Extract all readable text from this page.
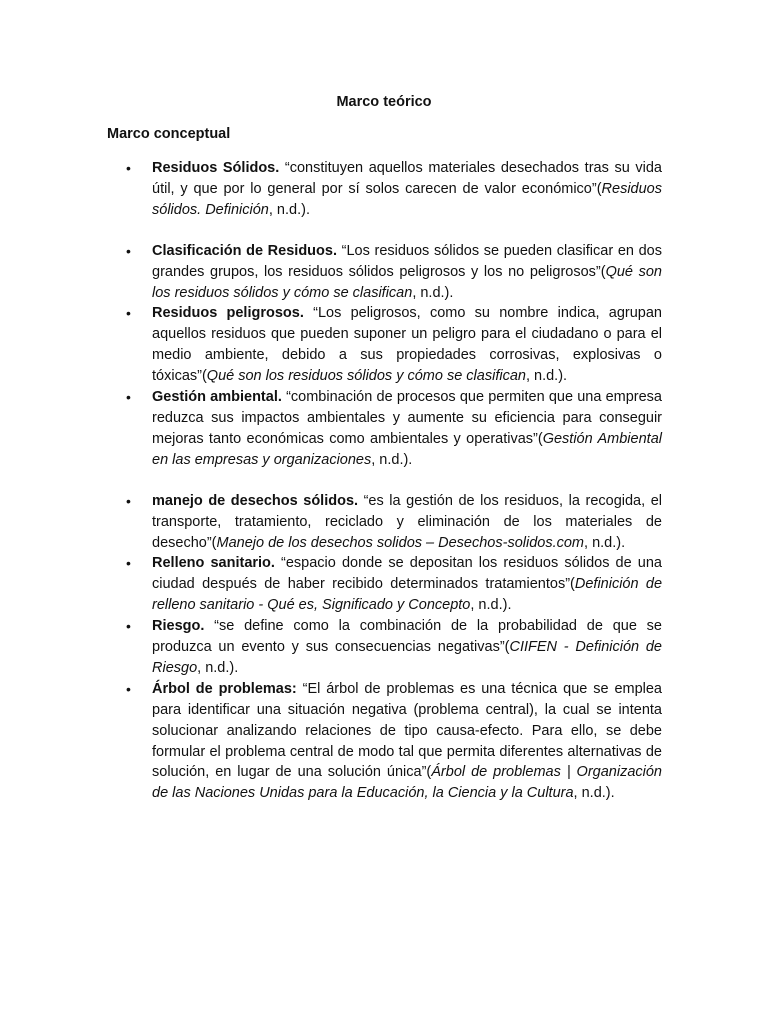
Marco teórico
Marco conceptual
• Residuos Sólidos. “constituyen aquellos materiales desechados tras su vida útil, y que por lo general por sí solos carecen de valor económico”(Residuos sólidos. Definición, n.d.).
• Clasificación de Residuos. “Los residuos sólidos se pueden clasificar en dos grandes grupos, los residuos sólidos peligrosos y los no peligrosos”(Qué son los residuos sólidos y cómo se clasifican, n.d.).
• Residuos peligrosos. “Los peligrosos, como su nombre indica, agrupan aquellos residuos que pueden suponer un peligro para el ciudadano o para el medio ambiente, debido a sus propiedades corrosivas, explosivas o tóxicas”(Qué son los residuos sólidos y cómo se clasifican, n.d.).
• Gestión ambiental. “combinación de procesos que permiten que una empresa reduzca sus impactos ambientales y aumente su eficiencia para conseguir mejoras tanto económicas como ambientales y operativas”(Gestión Ambiental en las empresas y organizaciones, n.d.).
• manejo de desechos sólidos. “es la gestión de los residuos, la recogida, el transporte, tratamiento, reciclado y eliminación de los materiales de desecho”(Manejo de los desechos solidos – Desechos-solidos.com, n.d.).
• Relleno sanitario. “espacio donde se depositan los residuos sólidos de una ciudad después de haber recibido determinados tratamientos”(Definición de relleno sanitario - Qué es, Significado y Concepto, n.d.).
• Riesgo. “se define como la combinación de la probabilidad de que se produzca un evento y sus consecuencias negativas”(CIIFEN - Definición de Riesgo, n.d.).
• Árbol de problemas: “El árbol de problemas es una técnica que se emplea para identificar una situación negativa (problema central), la cual se intenta solucionar analizando relaciones de tipo causa-efecto. Para ello, se debe formular el problema central de modo tal que permita diferentes alternativas de solución, en lugar de una solución única”(Árbol de problemas | Organización de las Naciones Unidas para la Educación, la Ciencia y la Cultura, n.d.).
